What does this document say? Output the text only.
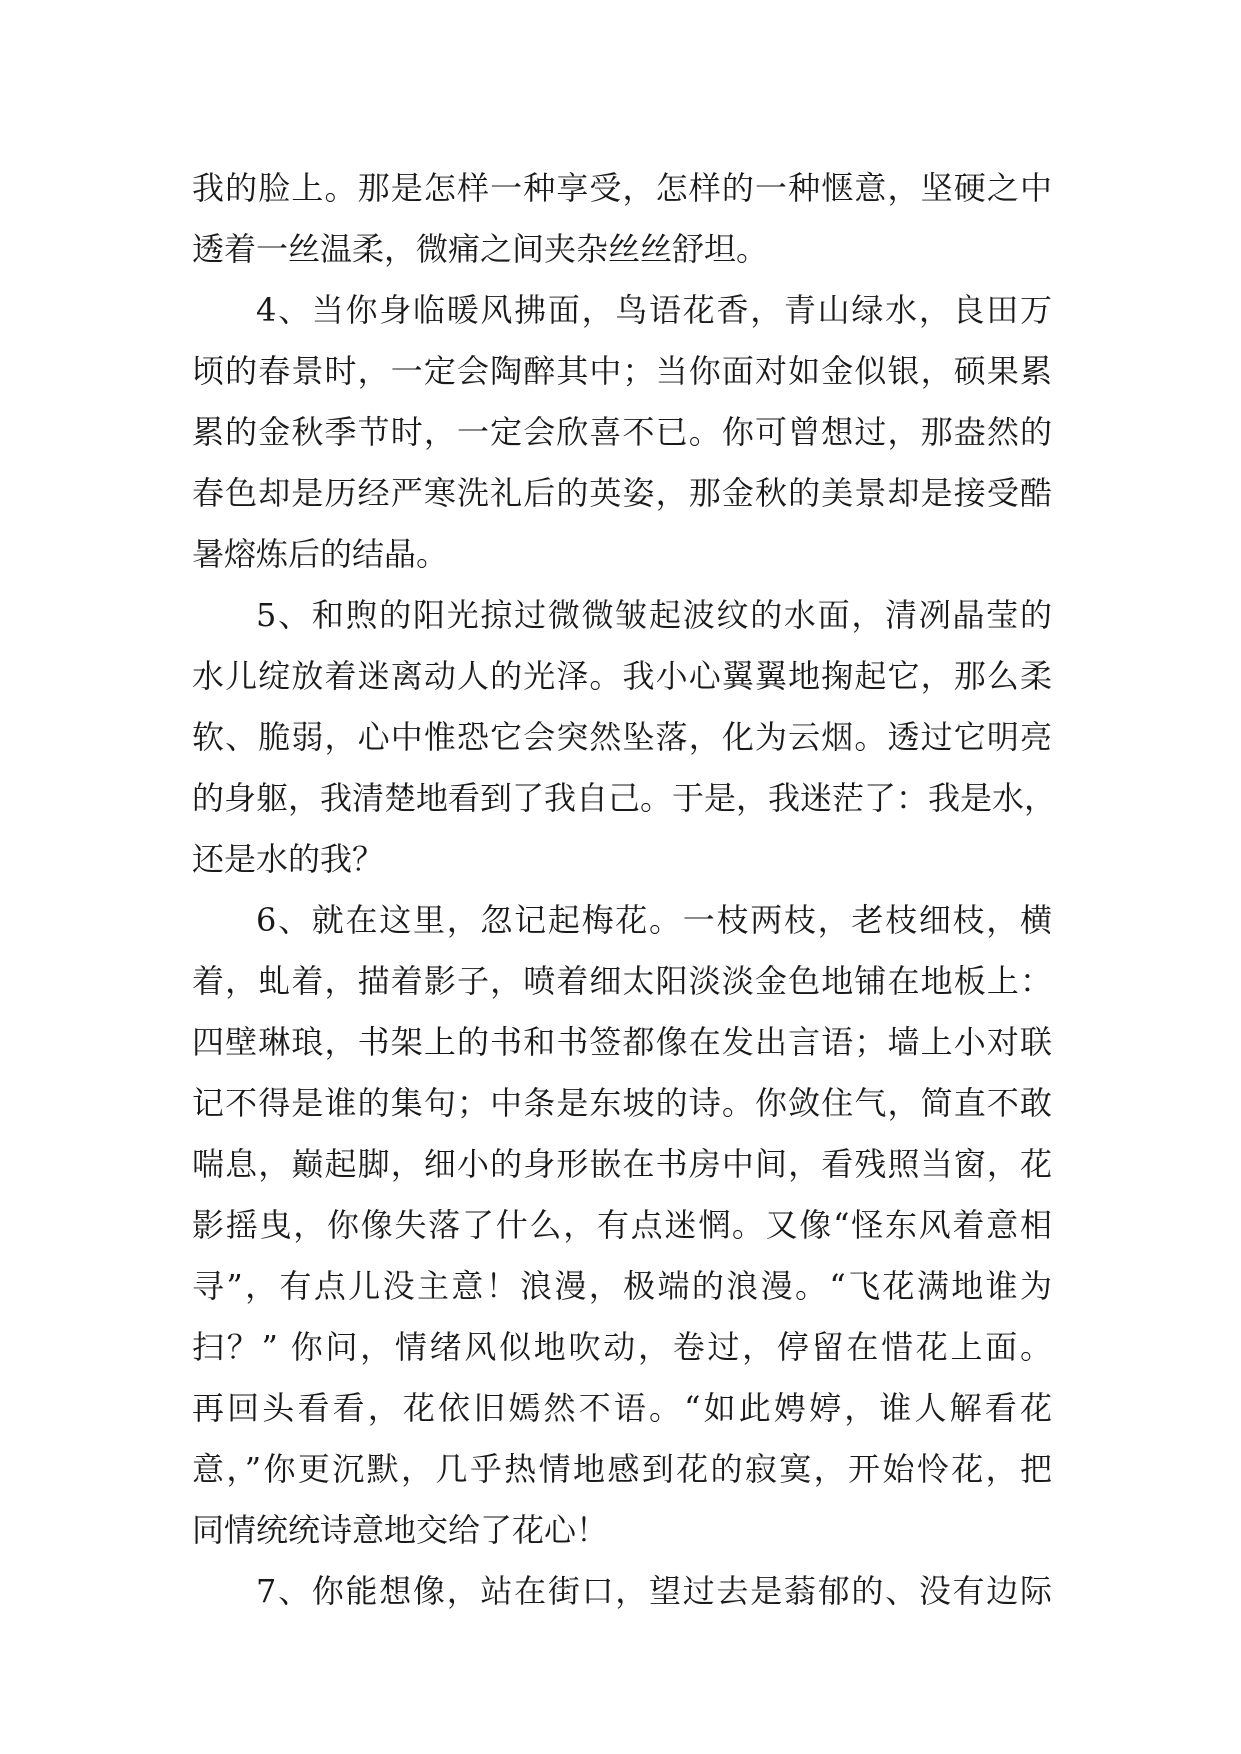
我的脸上。那是怎样一种享受，怎样的一种惬意，坚硬之中
透着一丝温柔，微痛之间夹杂丝丝舒坦。
4、当你身临暖风拂面，鸟语花香，青山绿水，良田万
顷的春景时，一定会陶醉其中；当你面对如金似银，硕果累
累的金秋季节时，一定会欣喜不已。你可曾想过，那盎然的
春色却是历经严寒洗礼后的英姿，那金秋的美景却是接受酷
暑熔炼后的结晶。
5、和煦的阳光掠过微微皱起波纹的水面，清冽晶莹的
水儿绽放着迷离动人的光泽。我小心翼翼地掬起它，那么柔
软、脆弱，心中惟恐它会突然坠落，化为云烟。透过它明亮
的身躯，我清楚地看到了我自己。于是，我迷茫了：我是水，
还是水的我？
6、就在这里，忽记起梅花。一枝两枝，老枝细枝，横
着，虬着，描着影子，喷着细太阳淡淡金色地铺在地板上：
四壁琳琅，书架上的书和书签都像在发出言语；墙上小对联
记不得是谁的集句；中条是东坡的诗。你敛住气，简直不敢
喘息，巅起脚，细小的身形嵌在书房中间，看残照当窗，花
影摇曳，你像失落了什么，有点迷惘。又像“怪东风着意相
寻”，有点儿没主意！浪漫，极端的浪漫。“飞花满地谁为
扫？” 你问，情绪风似地吹动，卷过，停留在惜花上面。
再回头看看，花依旧嫣然不语。“如此娉婷，谁人解看花
意，”你更沉默，几乎热情地感到花的寂寞，开始怜花，把
同情统统诗意地交给了花心！
7、你能想像，站在街口，望过去是蓊郁的、没有边际
